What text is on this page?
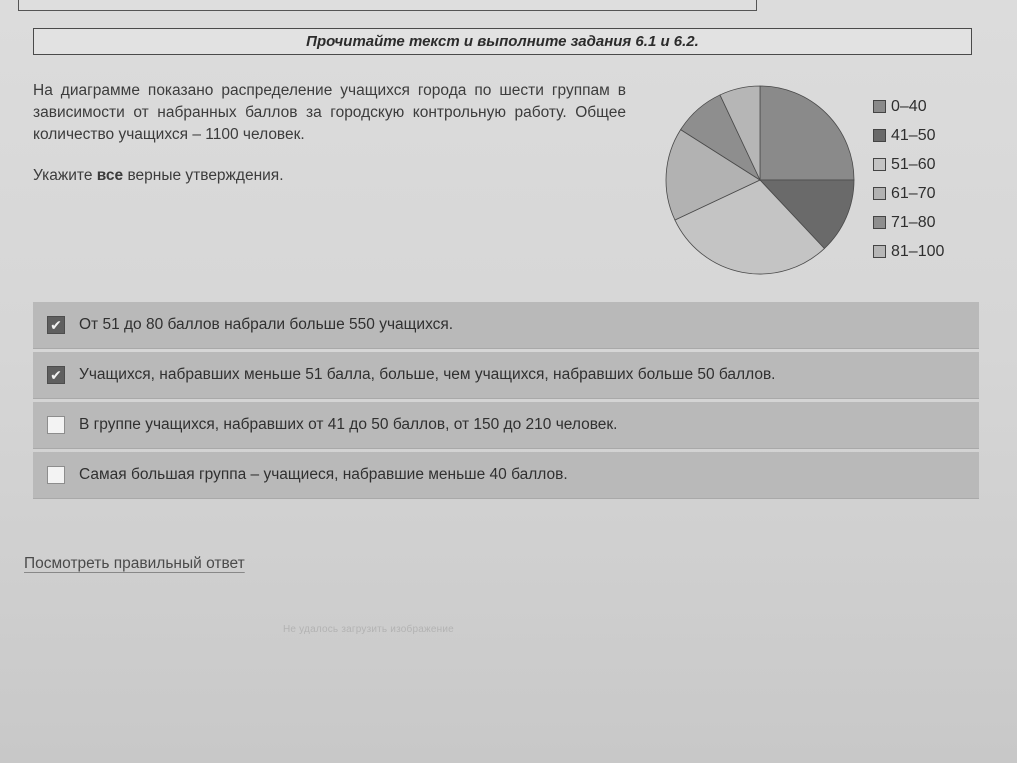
Прочитайте текст и выполните задания 6.1 и 6.2.

На диаграмме показано распределение учащихся города по шести группам в зависимости от набранных баллов за городскую контрольную работу. Общее количество учащихся – 1100 человек.

Укажите все верные утверждения.

0–40
41–50
51–60
61–70
71–80
81–100
✔ От 51 до 80 баллов набрали больше 550 учащихся.
✔ Учащихся, набравших меньше 51 балла, больше, чем учащихся, набравших больше 50 баллов.
В группе учащихся, набравших от 41 до 50 баллов, от 150 до 210 человек.
Самая большая группа – учащиеся, набравшие меньше 40 баллов.
Посмотреть правильный ответ
Не удалось загрузить изображение
